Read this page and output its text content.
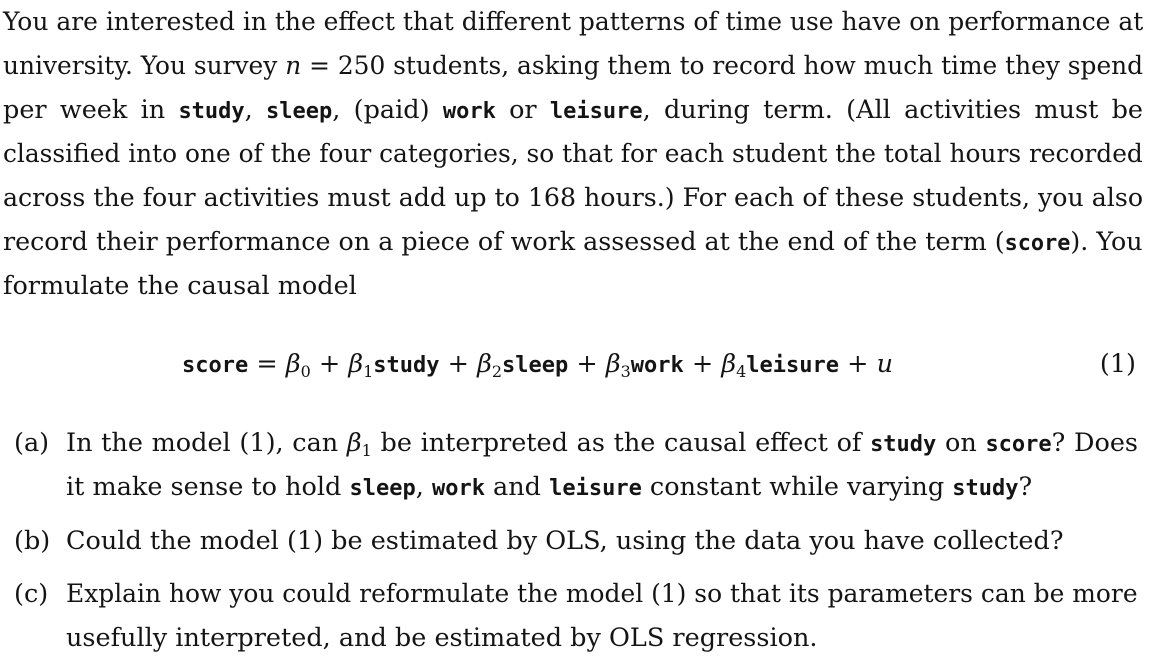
You are interested in the effect that different patterns of time use have on performance at
university. You survey n = 250 students, asking them to record how much time they spend
per week in study, sleep, (paid) work or leisure, during term. (All activities must be
classified into one of the four categories, so that for each student the total hours recorded
across the four activities must add up to 168 hours.) For each of these students, you also
record their performance on a piece of work assessed at the end of the term (score). You
formulate the causal model
score = $\beta_0$ + $\beta_1study$ + $\beta_2sleep$ + $\beta_3work$ + $\beta_4leisure + u$	(1)
(a) In the model (1), can $\beta_1$ be interpreted as the causal effect of study on score? Does
it make sense to hold sleep, work and leisure constant while varying study?
(b) Could the model (1) be estimated by OLS, using the data you have collected?
(c) Explain how you could reformulate the model (1) so that its parameters can be more
usefully interpreted, and be estimated by OLS regression.
